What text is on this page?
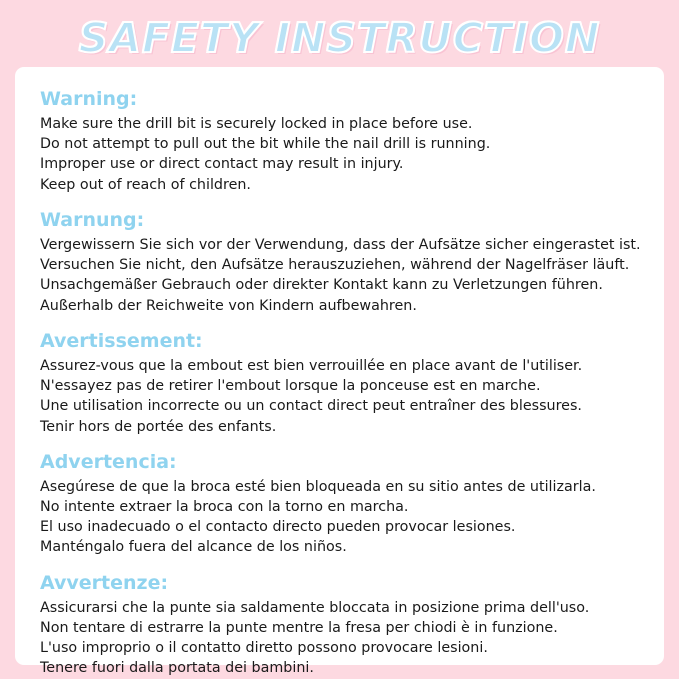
SAFETY INSTRUCTION
Warning:
Make sure the drill bit is securely locked in place before use.
Do not attempt to pull out the bit while the nail drill is running.
Improper use or direct contact may result in injury.
Keep out of reach of children.
Warnung:
Vergewissern Sie sich vor der Verwendung, dass der Aufsätze sicher eingerastet ist.
Versuchen Sie nicht, den Aufsätze herauszuziehen, während der Nagelfräser läuft.
Unsachgemäßer Gebrauch oder direkter Kontakt kann zu Verletzungen führen.
Außerhalb der Reichweite von Kindern aufbewahren.
Avertissement:
Assurez-vous que la embout est bien verrouillée en place avant de l'utiliser.
N'essayez pas de retirer l'embout lorsque la ponceuse est en marche.
Une utilisation incorrecte ou un contact direct peut entraîner des blessures.
Tenir hors de portée des enfants.
Advertencia:
Asegúrese de que la broca esté bien bloqueada en su sitio antes de utilizarla.
No intente extraer la broca con la torno en marcha.
El uso inadecuado o el contacto directo pueden provocar lesiones.
Manténgalo fuera del alcance de los niños.
Avvertenze:
Assicurarsi che la punte sia saldamente bloccata in posizione prima dell'uso.
Non tentare di estrarre la punte mentre la fresa per chiodi è in funzione.
L'uso improprio o il contatto diretto possono provocare lesioni.
Tenere fuori dalla portata dei bambini.
